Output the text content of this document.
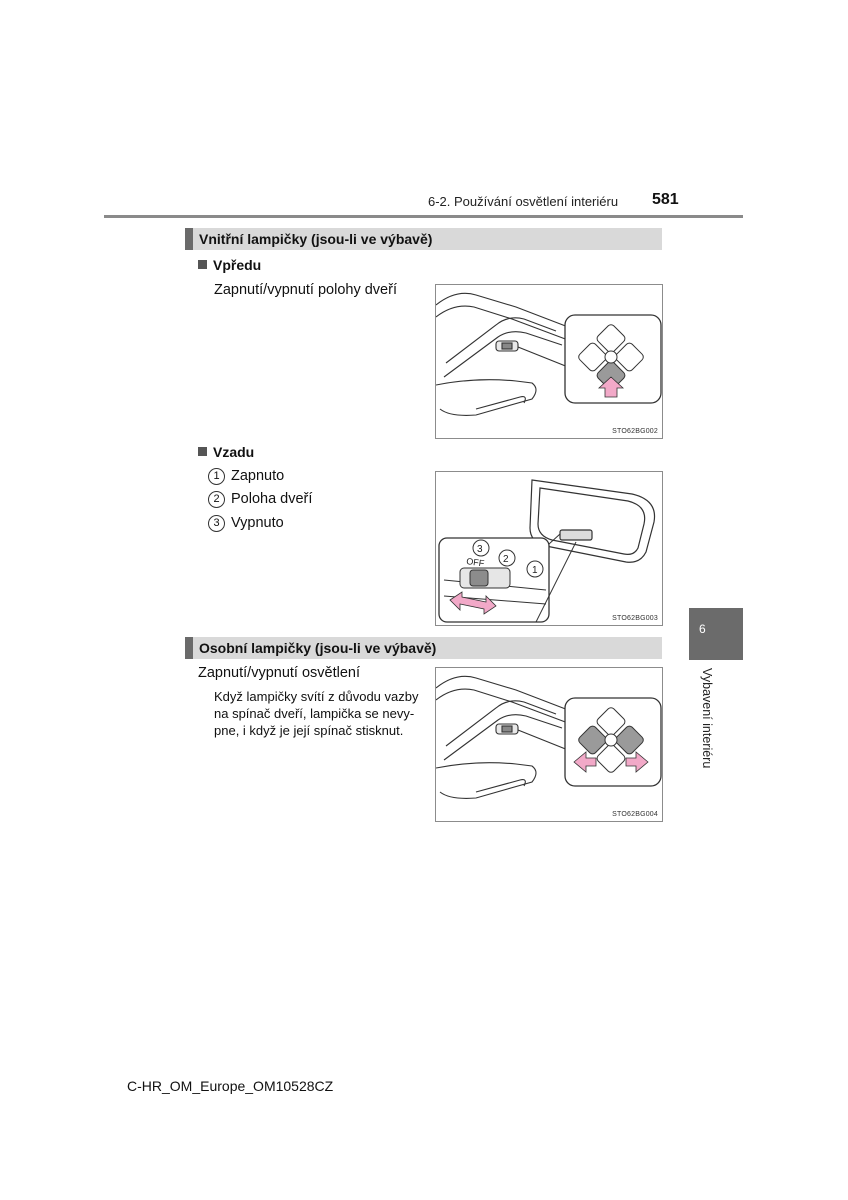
6-2. Používání osvětlení interiéru 581
Vnitřní lampičky (jsou-li ve výbavě)
Vpředu
Zapnutí/vypnutí polohy dveří
STO62BG002
Vzadu
1 Zapnuto
2 Poloha dveří
3 Vypnuto
OFF
3
2
1
STO62BG003
Osobní lampičky (jsou-li ve výbavě)
Zapnutí/vypnutí osvětlení
Když lampičky svítí z důvodu vazby
na spínač dveří, lampička se nevy-
pne, i když je její spínač stisknut.
STO62BG004
6
Vybavení interiéru
C-HR_OM_Europe_OM10528CZ
